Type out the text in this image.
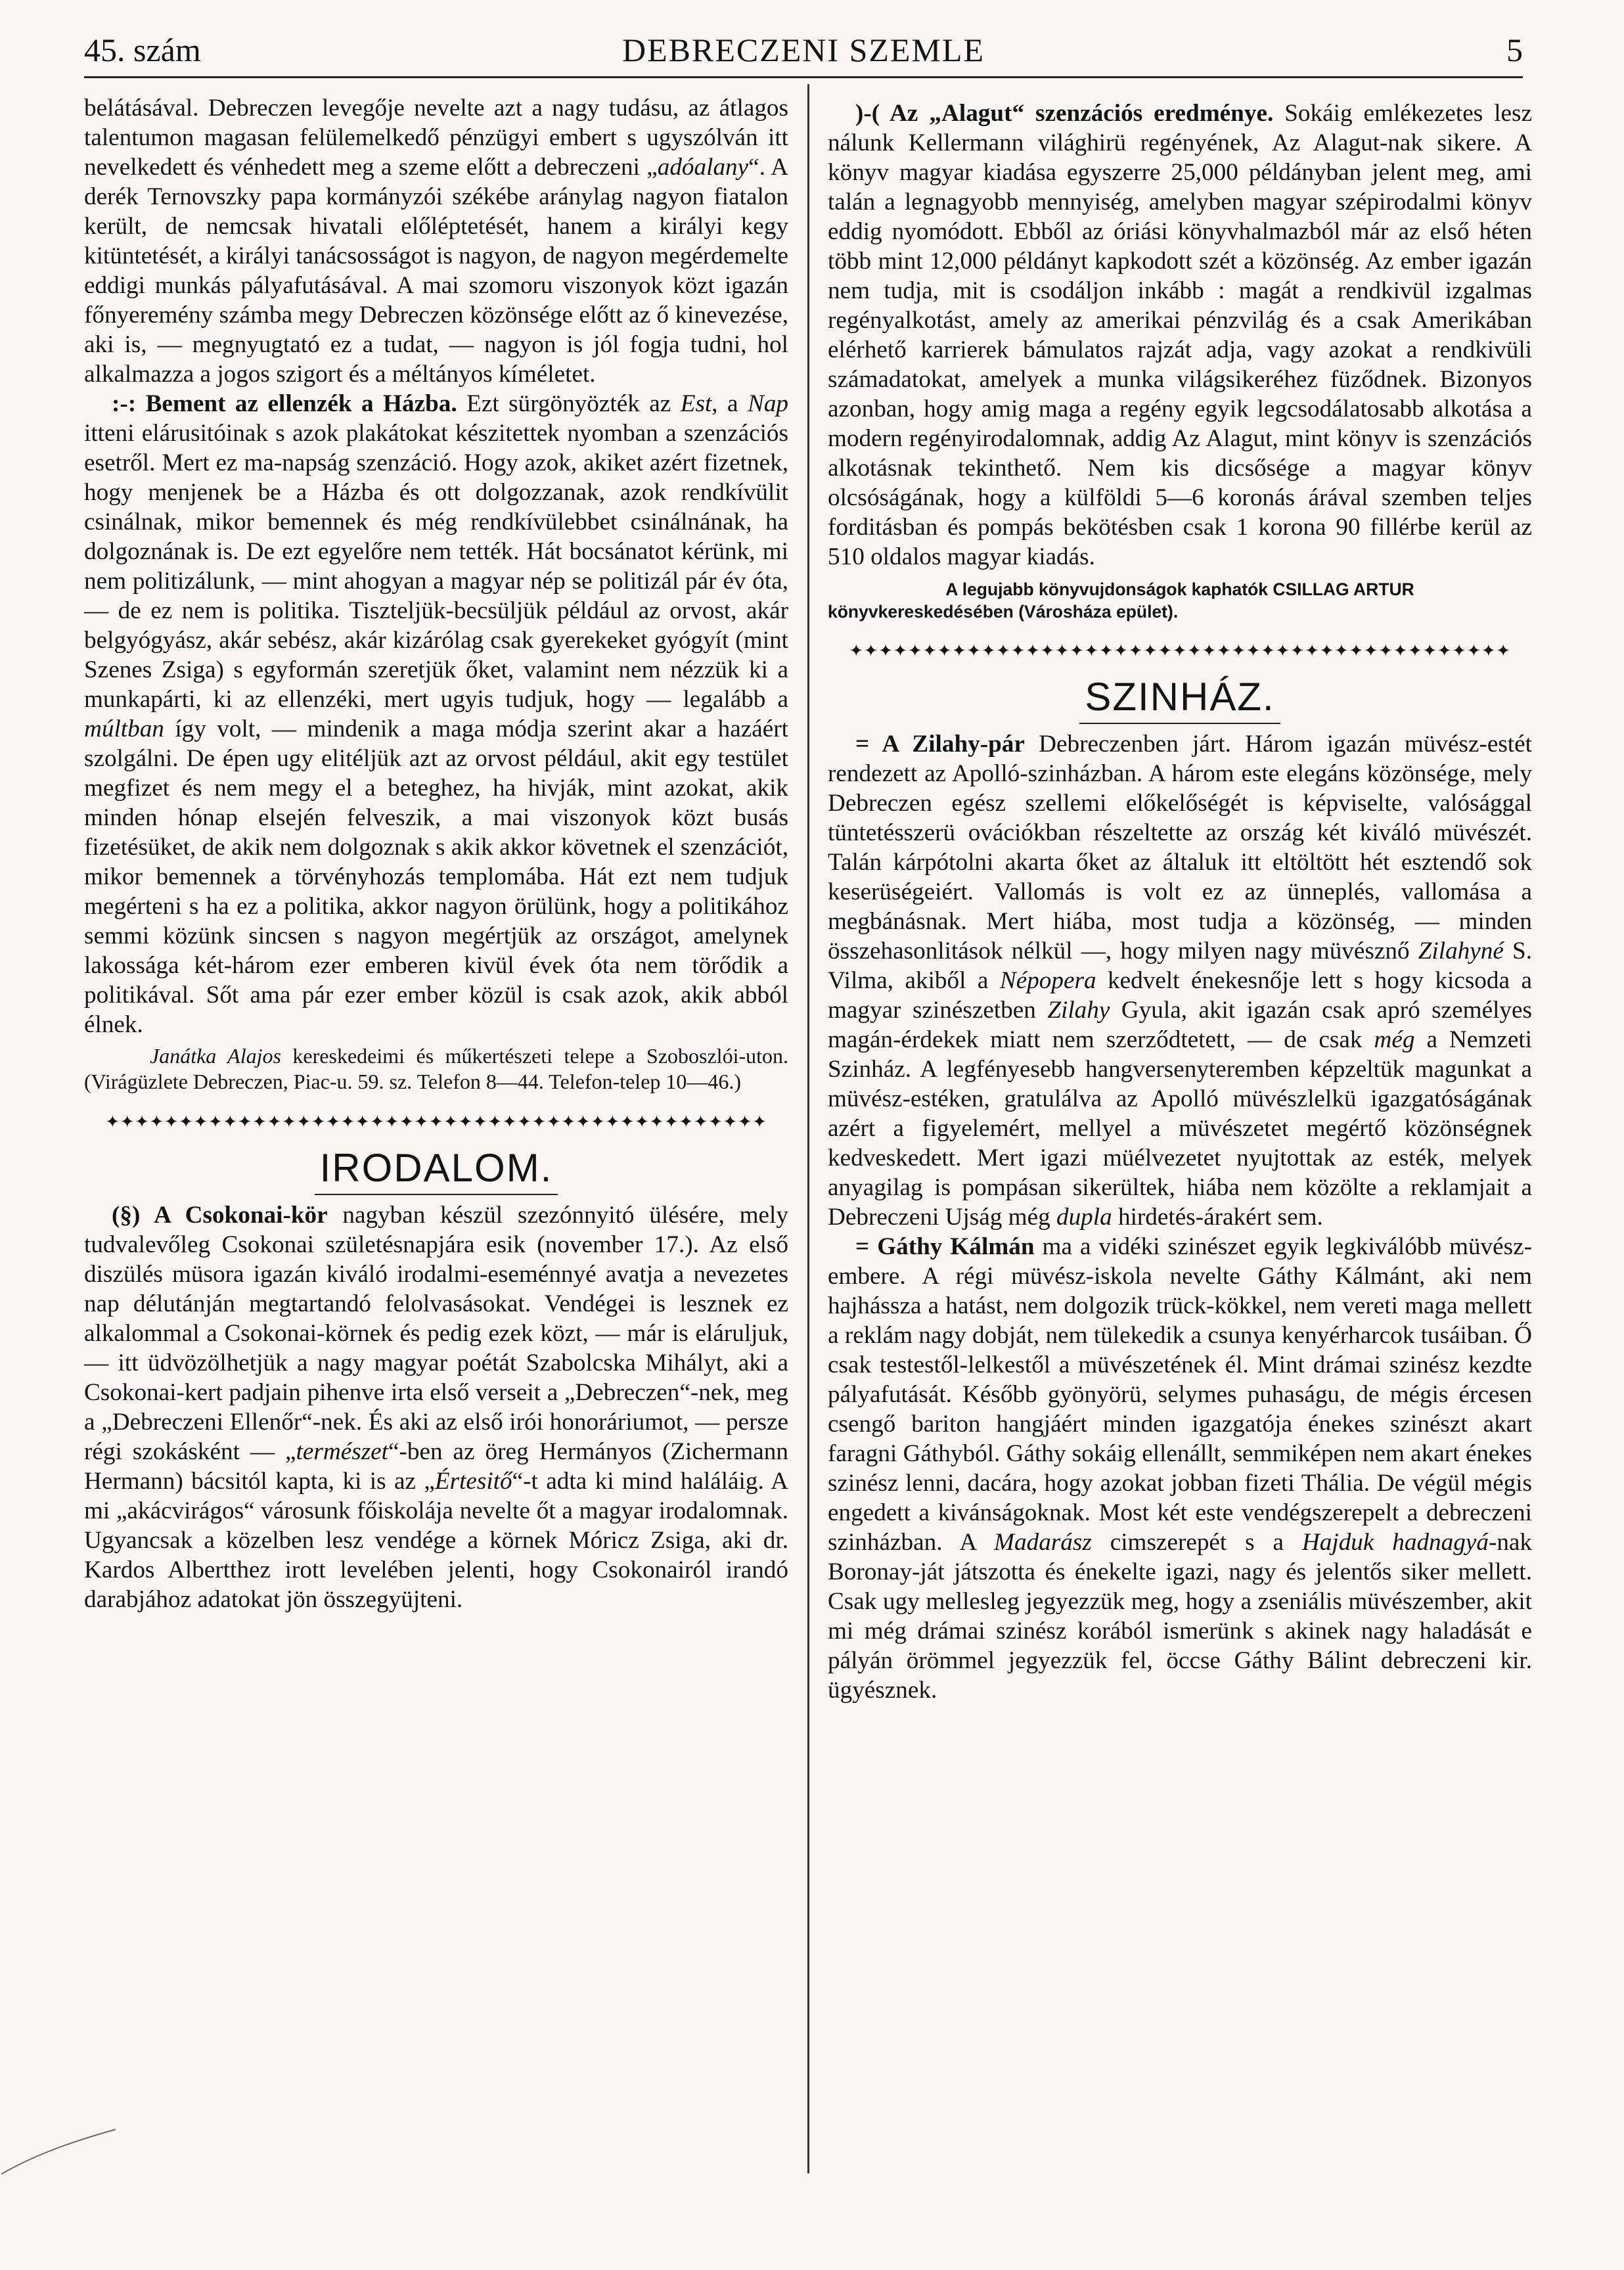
DEBRECZENI SZEMLE
45. szám	5

belátásával. Debreczen levegője nevelte azt a nagy tudásu, az átlagos talentumon magasan felülemelkedő pénzügyi embert s ugyszólván itt nevelkedett és vénhedett meg a szeme előtt a debreczeni „adóalany“. A derék Ternovszky papa kormányzói székébe aránylag nagyon fiatalon került, de nemcsak hivatali előléptetését, hanem a királyi kegy kitüntetését, a királyi tanácsosságot is nagyon, de nagyon megérdemelte eddigi munkás pályafutásával. A mai szomoru viszonyok közt igazán főnyeremény számba megy Debreczen közönsége előtt az ő kinevezése, aki is, — megnyugtató ez a tudat, — nagyon is jól fogja tudni, hol alkalmazza a jogos szigort és a méltányos kíméletet.

:-: Bement az ellenzék a Házba. Ezt sürgönyözték az Est, a Nap itteni elárusitóinak s azok plakátokat készitettek nyomban a szenzációs esetről. Mert ez ma-napság szenzáció. Hogy azok, akiket azért fizetnek, hogy menjenek be a Házba és ott dolgozzanak, azok rendkívülit csinálnak, mikor bemennek és még rendkívülebbet csinálnának, ha dolgoznának is. De ezt egyelőre nem tették. Hát bocsánatot kérünk, mi nem politizálunk, — mint ahogyan a magyar nép se politizál pár év óta, — de ez nem is politika. Tiszteljük-becsüljük például az orvost, akár belgyógyász, akár sebész, akár kizárólag csak gyerekeket gyógyít (mint Szenes Zsiga) s egyformán szeretjük őket, valamint nem nézzük ki a munkapárti, ki az ellenzéki, mert ugyis tudjuk, hogy — legalább a múltban így volt, — mindenik a maga módja szerint akar a hazáért szolgálni. De épen ugy elitéljük azt az orvost például, akit egy testület megfizet és nem megy el a beteghez, ha hivják, mint azokat, akik minden hónap elsején felveszik, a mai viszonyok közt busás fizetésüket, de akik nem dolgoznak s akik akkor követnek el szenzációt, mikor bemennek a törvényhozás templomába. Hát ezt nem tudjuk megérteni s ha ez a politika, akkor nagyon örülünk, hogy a politikához semmi közünk sincsen s nagyon megértjük az országot, amelynek lakossága két-három ezer emberen kivül évek óta nem törődik a politikával. Sőt ama pár ezer ember közül is csak azok, akik abból élnek.

Janátka Alajos kereskedeimi és műkertészeti telepe a Szoboszlói-uton. (Virágüzlete Debreczen, Piac-u. 59. sz. Telefon 8—44. Telefon-telep 10—46.)

✦✦✦✦✦✦✦✦✦✦✦✦✦✦✦✦✦✦✦✦✦✦✦✦✦✦✦✦✦✦✦✦✦✦✦✦✦✦✦✦✦✦✦✦✦
IRODALOM.

(§) A Csokonai-kör nagyban készül szezónnyitó ülésére, mely tudvalevőleg Csokonai születésnapjára esik (november 17.). Az első diszülés müsora igazán kiváló irodalmi-eseménnyé avatja a nevezetes nap délutánján megtartandó felolvasásokat. Vendégei is lesznek ez alkalommal a Csokonai-körnek és pedig ezek közt, — már is eláruljuk, — itt üdvözölhetjük a nagy magyar poétát Szabolcska Mihályt, aki a Csokonai-kert padjain pihenve irta első verseit a „Debreczen“-nek, meg a „Debreczeni Ellenőr“-nek. És aki az első irói honoráriumot, — persze régi szokásként — „természet“-ben az öreg Hermányos (Zichermann Hermann) bácsitól kapta, ki is az „Értesitő“-t adta ki mind haláláig. A mi „akácvirágos“ városunk főiskolája nevelte őt a magyar irodalomnak. Ugyancsak a közelben lesz vendége a körnek Móricz Zsiga, aki dr. Kardos Albertthez irott levelében jelenti, hogy Csokonairól irandó darabjához adatokat jön összegyüjteni.

)-( Az „Alagut“ szenzációs eredménye. Sokáig emlékezetes lesz nálunk Kellermann világhirü regényének, Az Alagut-nak sikere. A könyv magyar kiadása egyszerre 25,000 példányban jelent meg, ami talán a legnagyobb mennyiség, amelyben magyar szépirodalmi könyv eddig nyomódott. Ebből az óriási könyvhalmazból már az első héten több mint 12,000 példányt kapkodott szét a közönség. Az ember igazán nem tudja, mit is csodáljon inkább : magát a rendkivül izgalmas regényalkotást, amely az amerikai pénzvilág és a csak Amerikában elérhető karrierek bámulatos rajzát adja, vagy azokat a rendkivüli számadatokat, amelyek a munka világsikeréhez füződnek. Bizonyos azonban, hogy amig maga a regény egyik legcsodálatosabb alkotása a modern regényirodalomnak, addig Az Alagut, mint könyv is szenzációs alkotásnak tekinthető. Nem kis dicsősége a magyar könyv olcsóságának, hogy a külföldi 5—6 koronás árával szemben teljes forditásban és pompás bekötésben csak 1 korona 90 fillérbe kerül az 510 oldalos magyar kiadás.

A legujabb könyvujdonságok kaphatók CSILLAG ARTUR
könyvkereskedésében (Városháza epület).

✦✦✦✦✦✦✦✦✦✦✦✦✦✦✦✦✦✦✦✦✦✦✦✦✦✦✦✦✦✦✦✦✦✦✦✦✦✦✦✦✦✦✦✦✦
SZINHÁZ.

= A Zilahy-pár Debreczenben járt. Három igazán müvész-estét rendezett az Apolló-szinházban. A három este elegáns közönsége, mely Debreczen egész szellemi előkelőségét is képviselte, valósággal tüntetésszerü ovációkban részeltette az ország két kiváló müvészét. Talán kárpótolni akarta őket az általuk itt eltöltött hét esztendő sok keserüségeiért. Vallomás is volt ez az ünneplés, vallomása a megbánásnak. Mert hiába, most tudja a közönség, — minden összehasonlitások nélkül —, hogy milyen nagy müvésznő Zilahyné S. Vilma, akiből a Népopera kedvelt énekesnője lett s hogy kicsoda a magyar szinészetben Zilahy Gyula, akit igazán csak apró személyes magán-érdekek miatt nem szerződtetett, — de csak még a Nemzeti Szinház. A legfényesebb hangversenyteremben képzeltük magunkat a müvész-estéken, gratulálva az Apolló müvészlelkü igazgatóságának azért a figyelemért, mellyel a müvészetet megértő közönségnek kedveskedett. Mert igazi müélvezetet nyujtottak az esték, melyek anyagilag is pompásan sikerültek, hiába nem közölte a reklamjait a Debreczeni Ujság még dupla hirdetés-árakért sem.

= Gáthy Kálmán ma a vidéki szinészet egyik legkiválóbb müvész-embere. A régi müvész-iskola nevelte Gáthy Kálmánt, aki nem hajhássza a hatást, nem dolgozik trück-kökkel, nem vereti maga mellett a reklám nagy dobját, nem tülekedik a csunya kenyérharcok tusáiban. Ő csak testestől-lelkestől a müvészetének él. Mint drámai szinész kezdte pályafutását. Később gyönyörü, selymes puhaságu, de mégis ércesen csengő bariton hangjáért minden igazgatója énekes szinészt akart faragni Gáthyból. Gáthy sokáig ellenállt, semmiképen nem akart énekes szinész lenni, dacára, hogy azokat jobban fizeti Thália. De végül mégis engedett a kivánságoknak. Most két este vendégszerepelt a debreczeni szinházban. A Madarász cimszerepét s a Hajduk hadnagyá-nak Boronay-ját játszotta és énekelte igazi, nagy és jelentős siker mellett. Csak ugy mellesleg jegyezzük meg, hogy a zseniális müvészember, akit mi még drámai szinész korából ismerünk s akinek nagy haladását e pályán örömmel jegyezzük fel, öccse Gáthy Bálint debreczeni kir. ügyésznek.
